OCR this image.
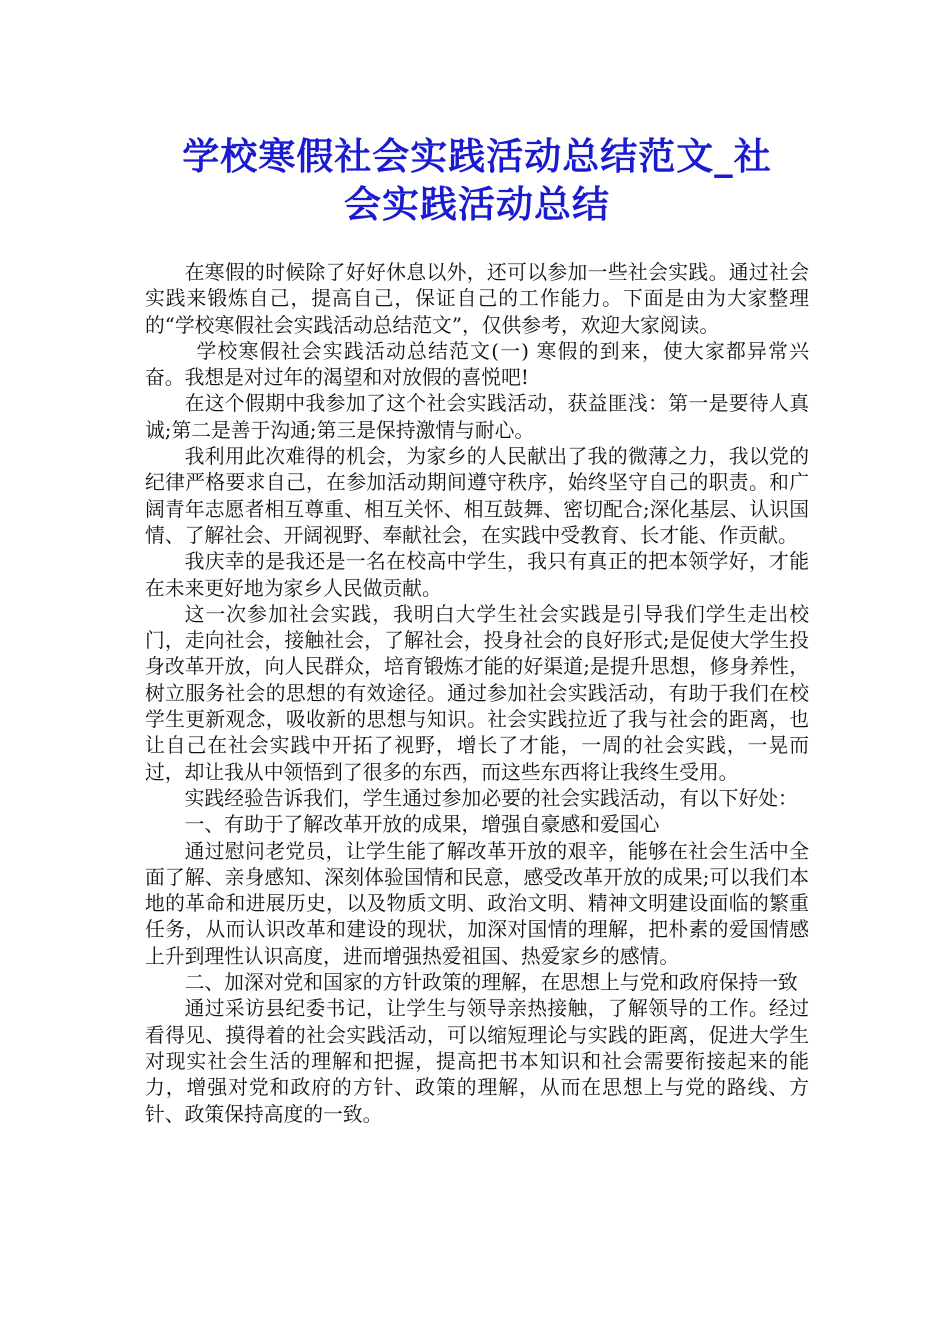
学校寒假社会实践活动总结范文_社
会实践活动总结

在寒假的时候除了好好休息以外，还可以参加一些社会实践。通过社会实践来锻炼自己，提高自己，保证自己的工作能力。下面是由为大家整理的“学校寒假社会实践活动总结范文”，仅供参考，欢迎大家阅读。

学校寒假社会实践活动总结范文(一) 寒假的到来，使大家都异常兴奋。我想是对过年的渴望和对放假的喜悦吧!

在这个假期中我参加了这个社会实践活动，获益匪浅：第一是要待人真诚;第二是善于沟通;第三是保持激情与耐心。

我利用此次难得的机会，为家乡的人民献出了我的微薄之力，我以党的纪律严格要求自己，在参加活动期间遵守秩序，始终坚守自己的职责。和广阔青年志愿者相互尊重、相互关怀、相互鼓舞、密切配合;深化基层、认识国情、了解社会、开阔视野、奉献社会，在实践中受教育、长才能、作贡献。

我庆幸的是我还是一名在校高中学生，我只有真正的把本领学好，才能在未来更好地为家乡人民做贡献。

这一次参加社会实践，我明白大学生社会实践是引导我们学生走出校门，走向社会，接触社会，了解社会，投身社会的良好形式;是促使大学生投身改革开放，向人民群众，培育锻炼才能的好渠道;是提升思想，修身养性，树立服务社会的思想的有效途径。通过参加社会实践活动，有助于我们在校学生更新观念，吸收新的思想与知识。社会实践拉近了我与社会的距离，也让自己在社会实践中开拓了视野，增长了才能，一周的社会实践，一晃而过，却让我从中领悟到了很多的东西，而这些东西将让我终生受用。

实践经验告诉我们，学生通过参加必要的社会实践活动，有以下好处：

一、有助于了解改革开放的成果，增强自豪感和爱国心

通过慰问老党员，让学生能了解改革开放的艰辛，能够在社会生活中全面了解、亲身感知、深刻体验国情和民意，感受改革开放的成果;可以我们本地的革命和进展历史，以及物质文明、政治文明、精神文明建设面临的繁重任务，从而认识改革和建设的现状，加深对国情的理解，把朴素的爱国情感上升到理性认识高度，进而增强热爱祖国、热爱家乡的感情。

二、加深对党和国家的方针政策的理解，在思想上与党和政府保持一致

通过采访县纪委书记，让学生与领导亲热接触，了解领导的工作。经过看得见、摸得着的社会实践活动，可以缩短理论与实践的距离，促进大学生对现实社会生活的理解和把握，提高把书本知识和社会需要衔接起来的能力，增强对党和政府的方针、政策的理解，从而在思想上与党的路线、方针、政策保持高度的一致。
